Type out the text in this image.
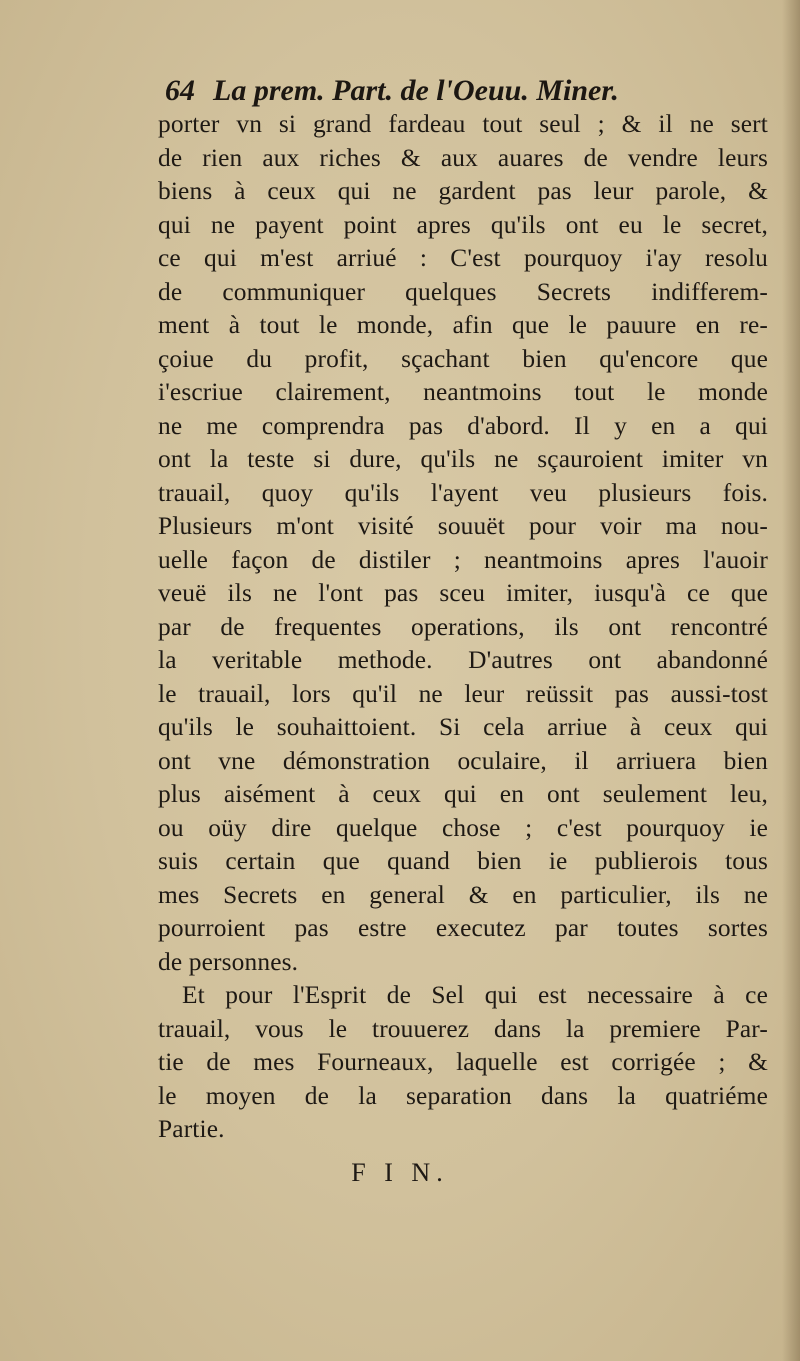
64 La prem. Part. de l'Oeuu. Miner.
porter vn si grand fardeau tout seul ; & il ne sert
de rien aux riches & aux auares de vendre leurs
biens à ceux qui ne gardent pas leur parole, &
qui ne payent point apres qu'ils ont eu le secret,
ce qui m'est arriué : C'est pourquoy i'ay resolu
de communiquer quelques Secrets indifferem-
ment à tout le monde, afin que le pauure en re-
çoiue du profit, sçachant bien qu'encore que
i'escriue clairement, neantmoins tout le monde
ne me comprendra pas d'abord. Il y en a qui
ont la teste si dure, qu'ils ne sçauroient imiter vn
trauail, quoy qu'ils l'ayent veu plusieurs fois.
Plusieurs m'ont visité souuët pour voir ma nou-
uelle façon de distiler ; neantmoins apres l'auoir
veuë ils ne l'ont pas sceu imiter, iusqu'à ce que
par de frequentes operations, ils ont rencontré
la veritable methode. D'autres ont abandonné
le trauail, lors qu'il ne leur reüssit pas aussi-tost
qu'ils le souhaittoient. Si cela arriue à ceux qui
ont vne démonstration oculaire, il arriuera bien
plus aisément à ceux qui en ont seulement leu,
ou oüy dire quelque chose ; c'est pourquoy ie
suis certain que quand bien ie publierois tous
mes Secrets en general & en particulier, ils ne
pourroient pas estre executez par toutes sortes
de personnes.
Et pour l'Esprit de Sel qui est necessaire à ce
trauail, vous le trouuerez dans la premiere Par-
tie de mes Fourneaux, laquelle est corrigée ; &
le moyen de la separation dans la quatriéme
Partie.
F I N.
